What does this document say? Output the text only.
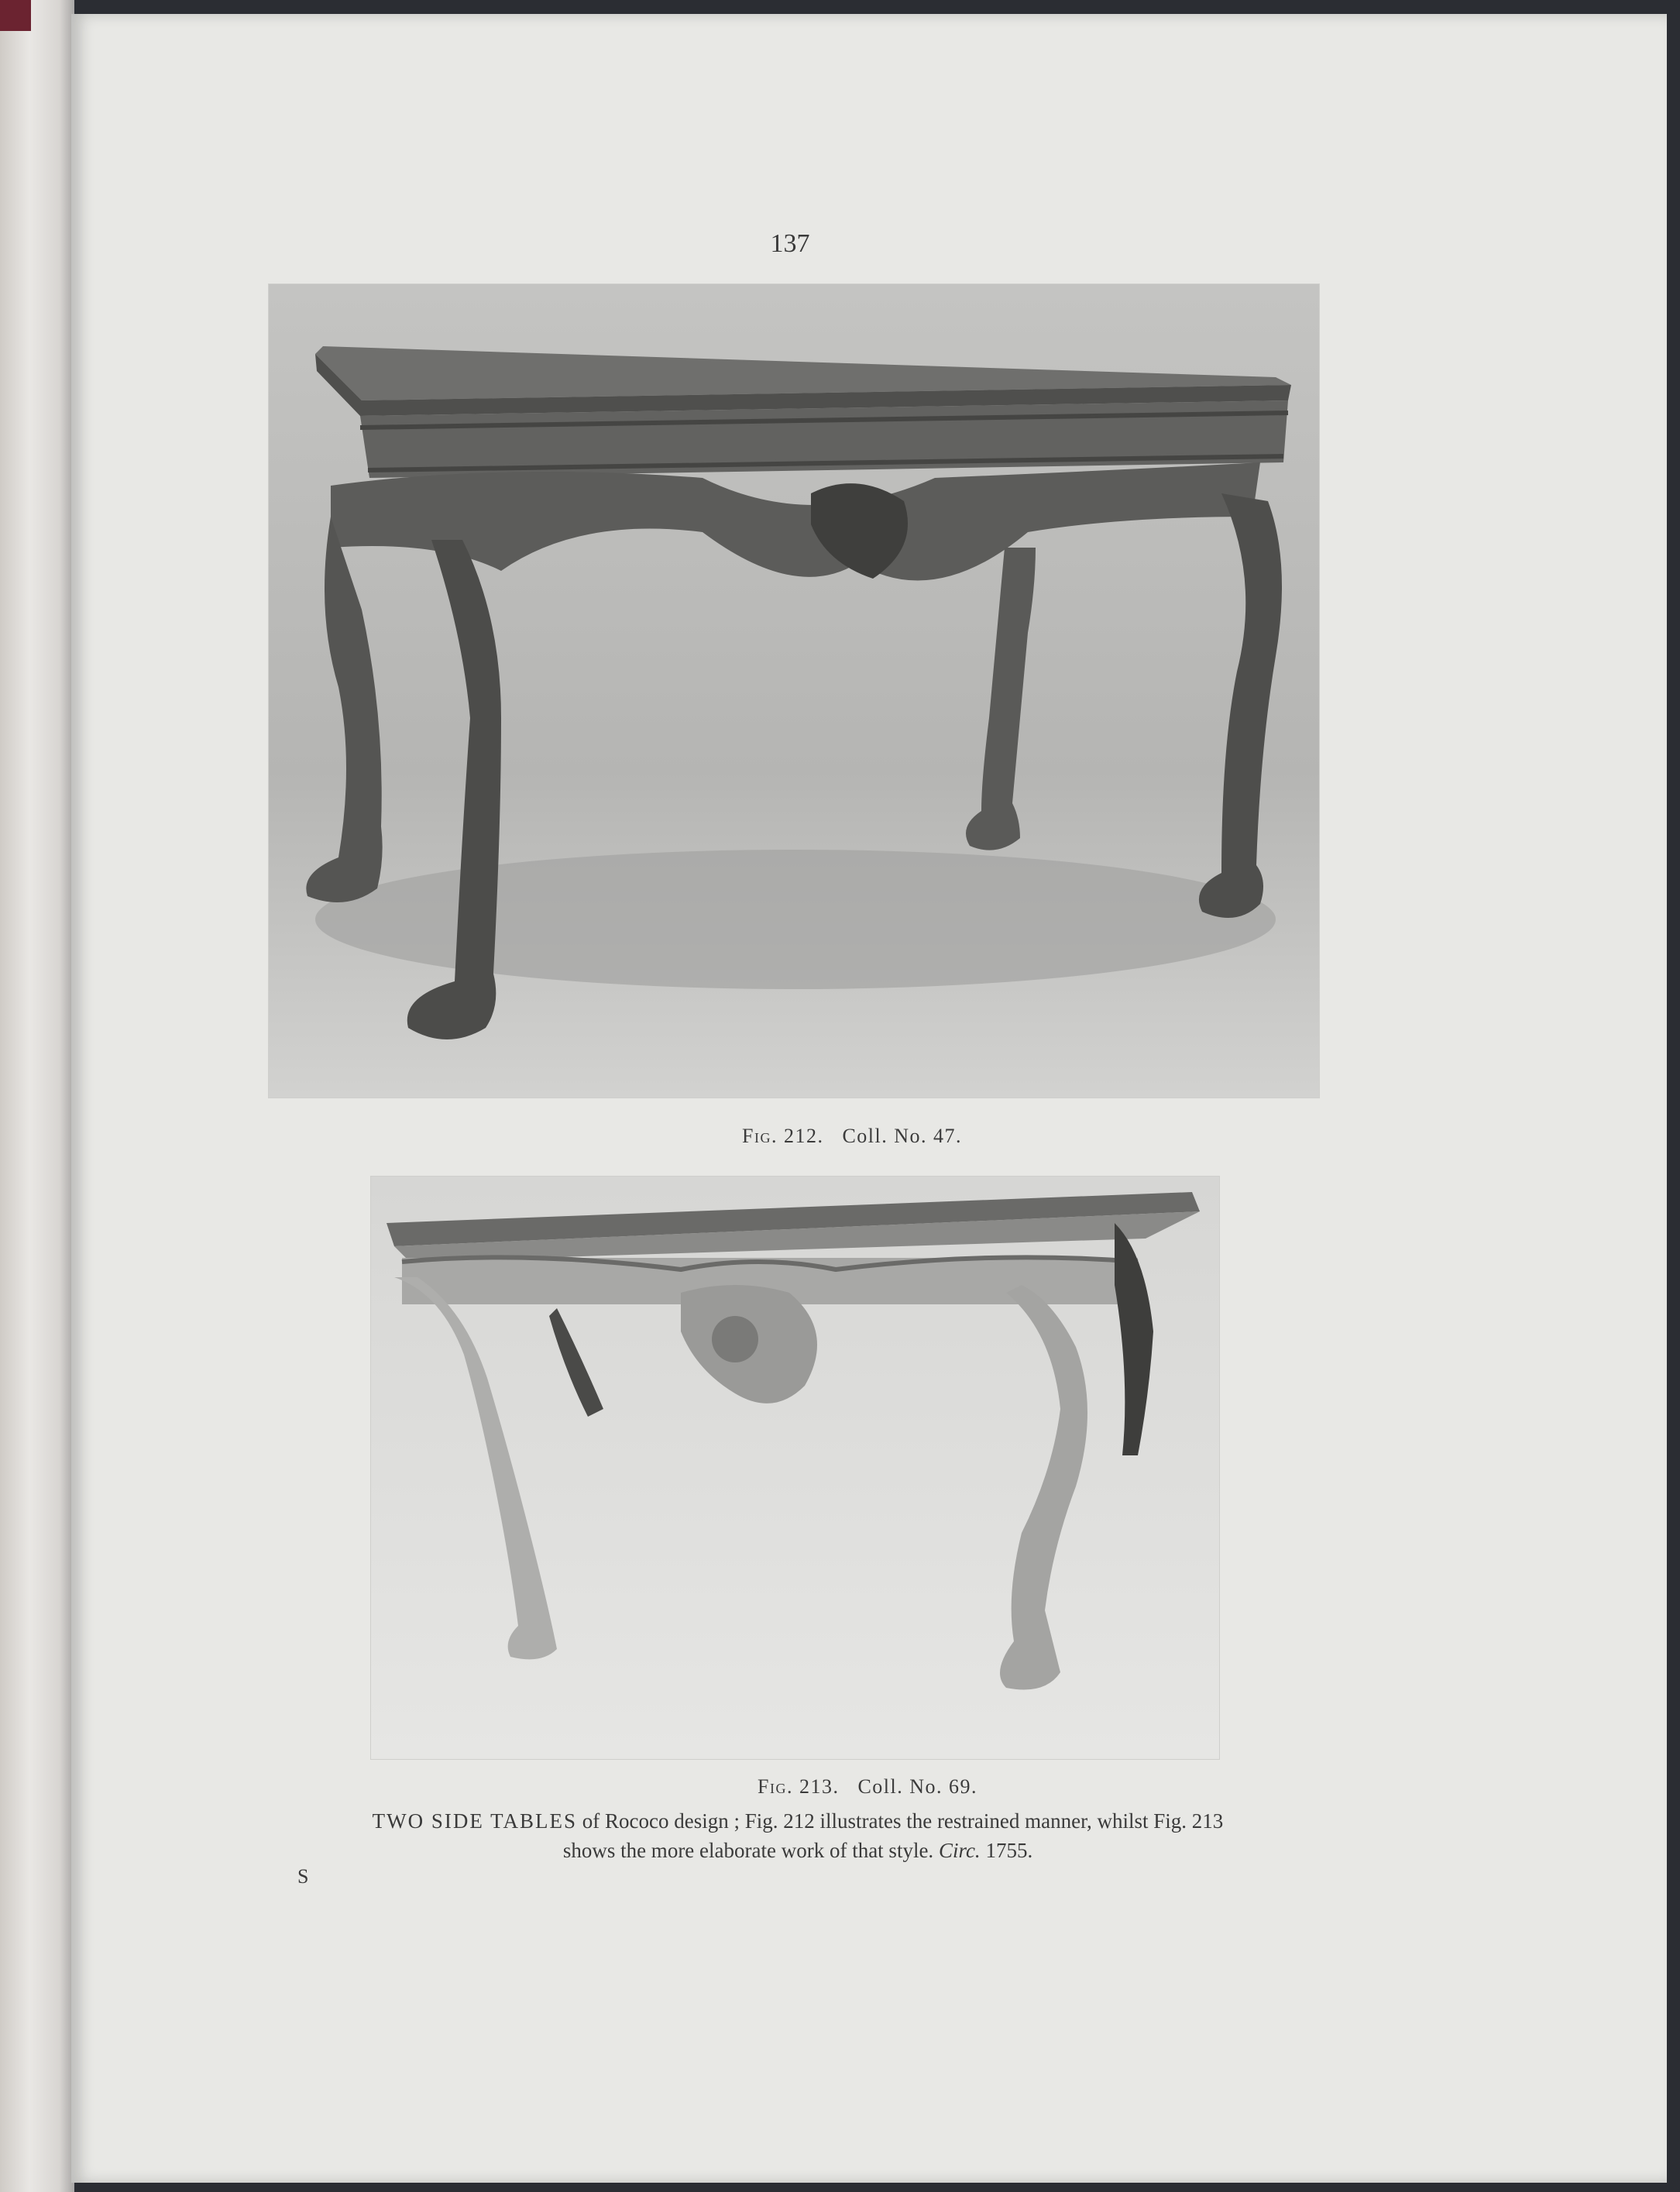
137
Fig. 212. Coll. No. 47.
Fig. 213. Coll. No. 69.
TWO SIDE TABLES of Rococo design ; Fig. 212 illustrates the restrained manner, whilst Fig. 213 shows the more elaborate work of that style. Circ. 1755.
S
